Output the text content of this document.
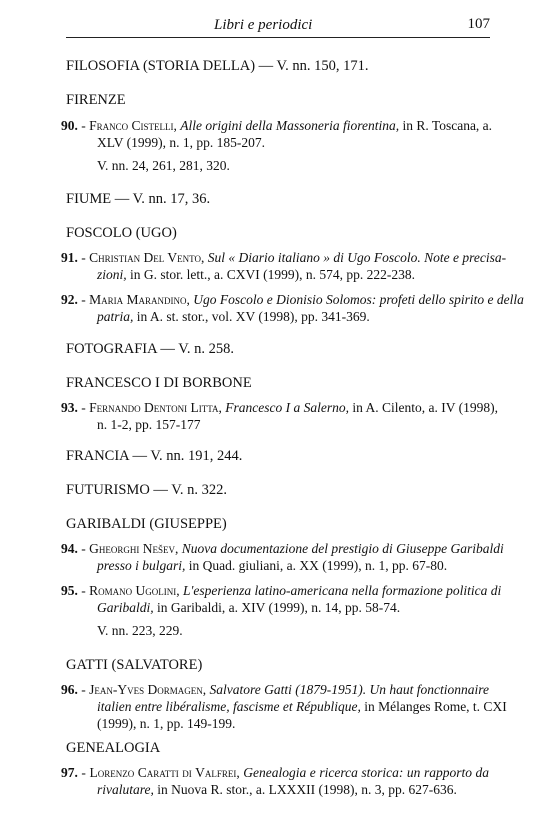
Libri e periodici	107
FILOSOFIA (STORIA DELLA) — V. nn. 150, 171.
FIRENZE
90. - Franco Cistelli, Alle origini della Massoneria fiorentina, in R. Toscana, a.
XLV (1999), n. 1, pp. 185-207.
V. nn. 24, 261, 281, 320.
FIUME — V. nn. 17, 36.
FOSCOLO (UGO)
91. - Christian Del Vento, Sul « Diario italiano » di Ugo Foscolo. Note e precisa-
zioni, in G. stor. lett., a. CXVI (1999), n. 574, pp. 222-238.
92. - Maria Marandino, Ugo Foscolo e Dionisio Solomos: profeti dello spirito e della
patria, in A. st. stor., vol. XV (1998), pp. 341-369.
FOTOGRAFIA — V. n. 258.
FRANCESCO I DI BORBONE
93. - Fernando Dentoni Litta, Francesco I a Salerno, in A. Cilento, a. IV (1998),
n. 1-2, pp. 157-177
FRANCIA — V. nn. 191, 244.
FUTURISMO — V. n. 322.
GARIBALDI (GIUSEPPE)
94. - Gheorghi Nešev, Nuova documentazione del prestigio di Giuseppe Garibaldi
presso i bulgari, in Quad. giuliani, a. XX (1999), n. 1, pp. 67-80.
95. - Romano Ugolini, L'esperienza latino-americana nella formazione politica di
Garibaldi, in Garibaldi, a. XIV (1999), n. 14, pp. 58-74.
V. nn. 223, 229.
GATTI (SALVATORE)
96. - Jean-Yves Dormagen, Salvatore Gatti (1879-1951). Un haut fonctionnaire
italien entre libéralisme, fascisme et République, in Mélanges Rome, t. CXI
(1999), n. 1, pp. 149-199.
GENEALOGIA
97. - Lorenzo Caratti di Valfrei, Genealogia e ricerca storica: un rapporto da
rivalutare, in Nuova R. stor., a. LXXXII (1998), n. 3, pp. 627-636.
